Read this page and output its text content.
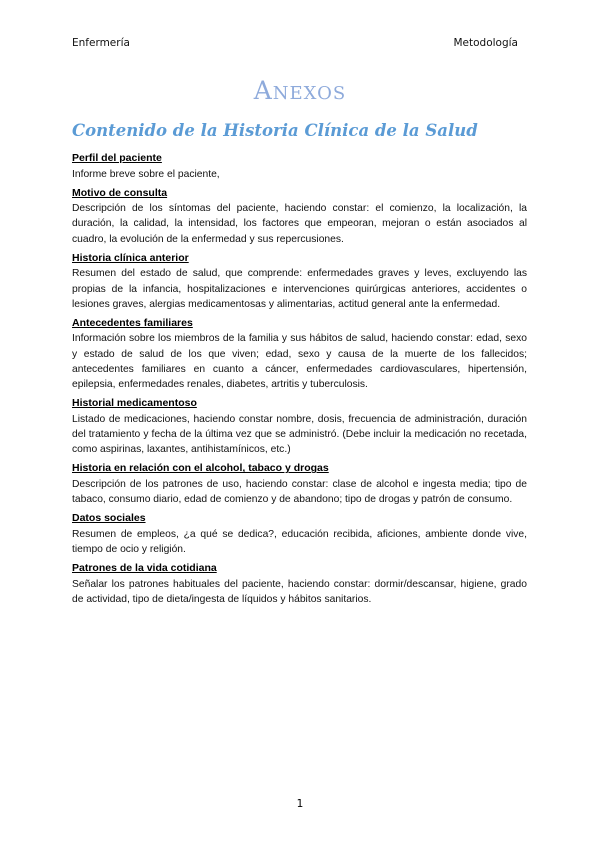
Enfermería	Metodología
Anexos
Contenido de la Historia Clínica de la Salud
Perfil del paciente
Informe breve sobre el paciente,
Motivo de consulta
Descripción de los síntomas del paciente, haciendo constar: el comienzo, la localización, la duración, la calidad, la intensidad, los factores que empeoran, mejoran o están asociados al cuadro, la evolución de la enfermedad y sus repercusiones.
Historia clínica anterior
Resumen del estado de salud, que comprende: enfermedades graves y leves, excluyendo las propias de la infancia, hospitalizaciones e intervenciones quirúrgicas anteriores, accidentes o lesiones graves, alergias medicamentosas y alimentarias, actitud general ante la enfermedad.
Antecedentes familiares
Información sobre los miembros de la familia y sus hábitos de salud, haciendo constar: edad, sexo y estado de salud de los que viven; edad, sexo y causa de la muerte de los fallecidos; antecedentes familiares en cuanto a cáncer, enfermedades cardiovasculares, hipertensión, epilepsia, enfermedades renales, diabetes, artritis y tuberculosis.
Historial medicamentoso
Listado de medicaciones, haciendo constar nombre, dosis, frecuencia de administración, duración del tratamiento y fecha de la última vez que se administró. (Debe incluir la medicación no recetada, como aspirinas, laxantes, antihistamínicos, etc.)
Historia en relación con el alcohol, tabaco y drogas
Descripción de los patrones de uso, haciendo constar: clase de alcohol e ingesta media; tipo de tabaco, consumo diario, edad de comienzo y de abandono; tipo de drogas y patrón de consumo.
Datos sociales
Resumen de empleos, ¿a qué se dedica?, educación recibida, aficiones, ambiente donde vive, tiempo de ocio y religión.
Patrones de la vida cotidiana
Señalar los patrones habituales del paciente, haciendo constar: dormir/descansar, higiene, grado de actividad, tipo de dieta/ingesta de líquidos y hábitos sanitarios.
1
